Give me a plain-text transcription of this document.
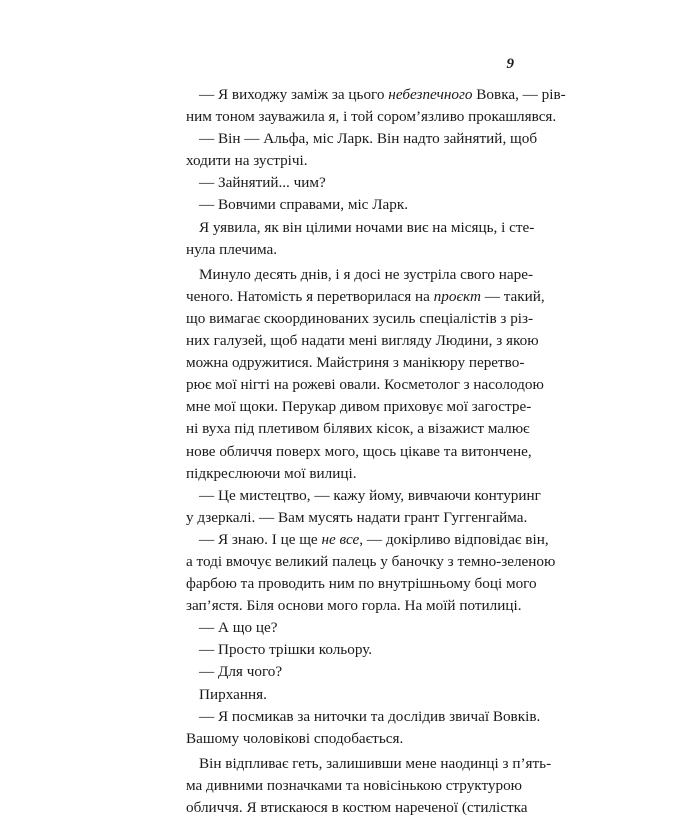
9
— Я виходжу заміж за цього небезпечного Вовка, — рів-
ним тоном зауважила я, і той сором’язливо прокашлявся.
— Він — Альфа, міс Ларк. Він надто зайнятий, щоб
ходити на зустрічі.
— Зайнятий... чим?
— Вовчими справами, міс Ларк.
Я уявила, як він цілими ночами виє на місяць, і сте-
нула плечима.
Минуло десять днів, і я досі не зустріла свого наре-
ченого. Натомість я перетворилася на проєкт — такий,
що вимагає скоординованих зусиль спеціалістів з різ-
них галузей, щоб надати мені вигляду Людини, з якою
можна одружитися. Майстриня з манікюру перетво-
рює мої нігті на рожеві овали. Косметолог з насолодою
мне мої щоки. Перукар дивом приховує мої загостре-
ні вуха під плетивом білявих кісок, а візажист малює
нове обличчя поверх мого, щось цікаве та витончене,
підкреслюючи мої вилиці.
— Це мистецтво, — кажу йому, вивчаючи контуринг
у дзеркалі. — Вам мусять надати грант Гуггенгайма.
— Я знаю. І це ще не все, — докірливо відповідає він,
а тоді вмочує великий палець у баночку з темно-зеленою
фарбою та проводить ним по внутрішньому боці мого
зап’ястя. Біля основи мого горла. На моїй потилиці.
— А що це?
— Просто трішки кольору.
— Для чого?
Пирхання.
— Я посмикав за ниточки та дослідив звичаї Вовків.
Вашому чоловікові сподобається.
Він відпливає геть, залишивши мене наодинці з п’ять-
ма дивними позначками та новісінькою структурою
обличчя. Я втискаюся в костюм нареченої (стилістка
